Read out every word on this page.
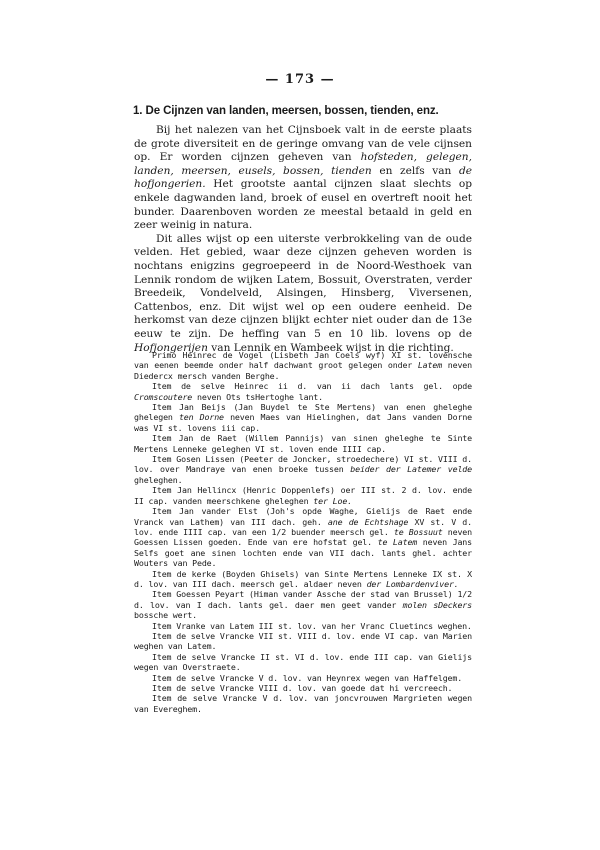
— 173 —
1. De Cijnzen van landen, meersen, bossen, tienden, enz.

Bij het nalezen van het Cijnsboek valt in de eerste plaats de grote diversiteit en de geringe omvang van de vele cijnsen op. Er worden cijnzen geheven van hofsteden, gelegen, landen, meersen, eusels, bossen, tienden en zelfs van de hofjongerien. Het grootste aantal cijnzen slaat slechts op enkele dagwanden land, broek of eusel en overtreft nooit het bunder. Daarenboven worden ze meestal betaald in geld en zeer weinig in natura.

Dit alles wijst op een uiterste verbrokkeling van de oude velden. Het gebied, waar deze cijnzen geheven worden is nochtans enigzins gegroepeerd in de Noord-Westhoek van Lennik rondom de wijken Latem, Bossuit, Overstraten, verder Breedeik, Vondelveld, Alsingen, Hinsberg, Viversenen, Cattenbos, enz. Dit wijst wel op een oudere eenheid. De herkomst van deze cijnzen blijkt echter niet ouder dan de 13e eeuw te zijn. De heffing van 5 en 10 lib. lovens op de Hofjongerijen van Lennik en Wambeek wijst in die richting.

Primo Heinrec de Vogel (Lisbeth Jan Coels wyf) XI st. lovensche van eenen beemde onder half dachwant groot gelegen onder Latem neven Diedercx mersch vanden Berghe.

Item de selve Heinrec ii d. van ii dach lants gel. opde Cromscoutere neven Ots tsHertoghe lant.

Item Jan Beijs (Jan Buydel te Ste Mertens) van enen gheleghe ghelegen ten Dorne neven Maes van Hielinghen, dat Jans vanden Dorne was VI st. lovens iii cap.

Item Jan de Raet (Willem Pannijs) van sinen gheleghe te Sinte Mertens Lenneke geleghen VI st. loven ende IIII cap.

Item Gosen Lissen (Peeter de Joncker, stroedechere) VI st. VIII d. lov. over Mandraye van enen broeke tussen beider der Latemer velde gheleghen.

Item Jan Hellincx (Henric Doppenlefs) oer III st. 2 d. lov. ende II cap. vanden meerschkene gheleghen ter Loe.

Item Jan vander Elst (Joh's opde Waghe, Gielijs de Raet ende Vranck van Lathem) van III dach. geh. ane de Echtshage XV st. V d. lov. ende IIII cap. van een 1/2 buender meersch gel. te Bossuut neven Goessen Lissen goeden. Ende van ere hofstat gel. te Latem neven Jans Selfs goet ane sinen lochten ende van VII dach. lants ghel. achter Wouters van Pede.

Item de kerke (Boyden Ghisels) van Sinte Mertens Lenneke IX st. X d. lov. van III dach. meersch gel. aldaer neven der Lombardenviver.

Item Goessen Peyart (Himan vander Assche der stad van Brussel) 1/2 d. lov. van I dach. lants gel. daer men geet vander molen sDeckers bossche wert.

Item Vranke van Latem III st. lov. van her Vranc Cluetincs weghen.

Item de selve Vrancke VII st. VIII d. lov. ende VI cap. van Marien weghen van Latem.

Item de selve Vrancke II st. VI d. lov. ende III cap. van Gielijs wegen van Overstraete.

Item de selve Vrancke V d. lov. van Heynrex wegen van Haffelgem.

Item de selve Vrancke VIII d. lov. van goede dat hi vercreech.

Item de selve Vrancke V d. lov. van joncvrouwen Margrieten wegen van Evereghem.
